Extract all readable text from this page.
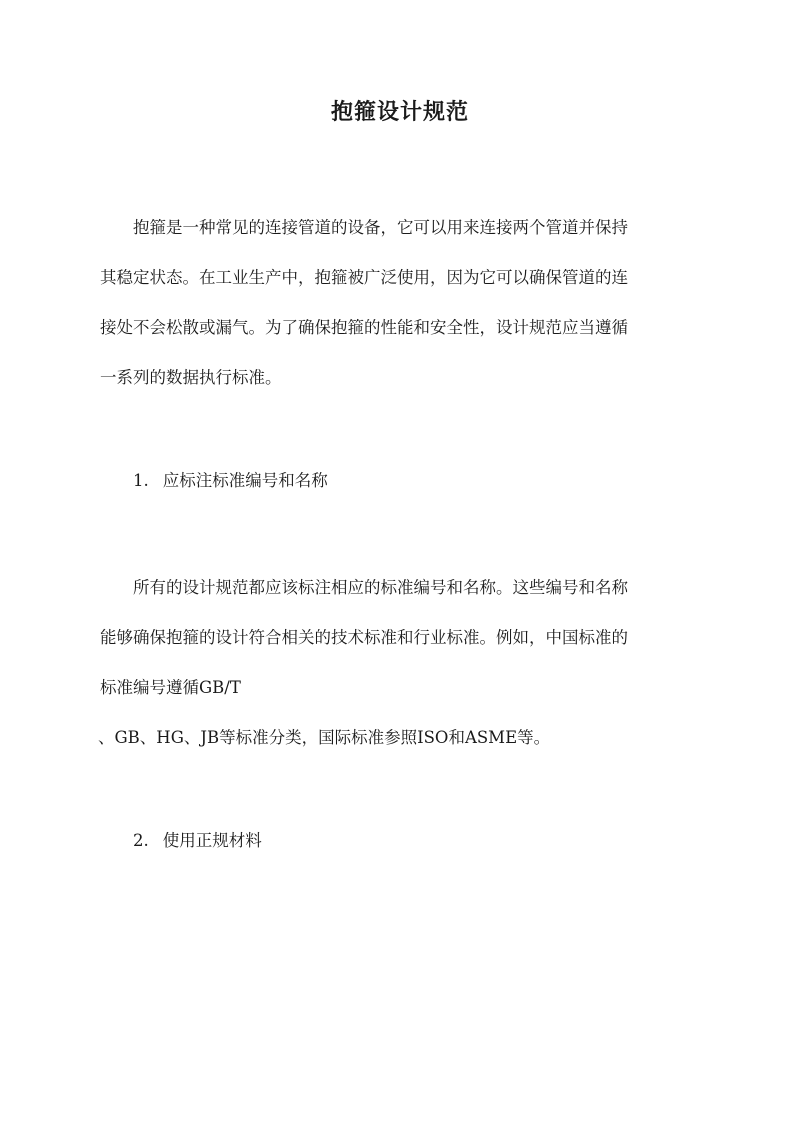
抱箍设计规范
抱箍是一种常见的连接管道的设备，它可以用来连接两个管道并保持
其稳定状态。在工业生产中，抱箍被广泛使用，因为它可以确保管道的连
接处不会松散或漏气。为了确保抱箍的性能和安全性，设计规范应当遵循
一系列的数据执行标准。
1. 应标注标准编号和名称
所有的设计规范都应该标注相应的标准编号和名称。这些编号和名称
能够确保抱箍的设计符合相关的技术标准和行业标准。例如，中国标准的
标准编号遵循GB/T
、GB、HG、JB等标准分类，国际标准参照ISO和ASME等。
2. 使用正规材料
